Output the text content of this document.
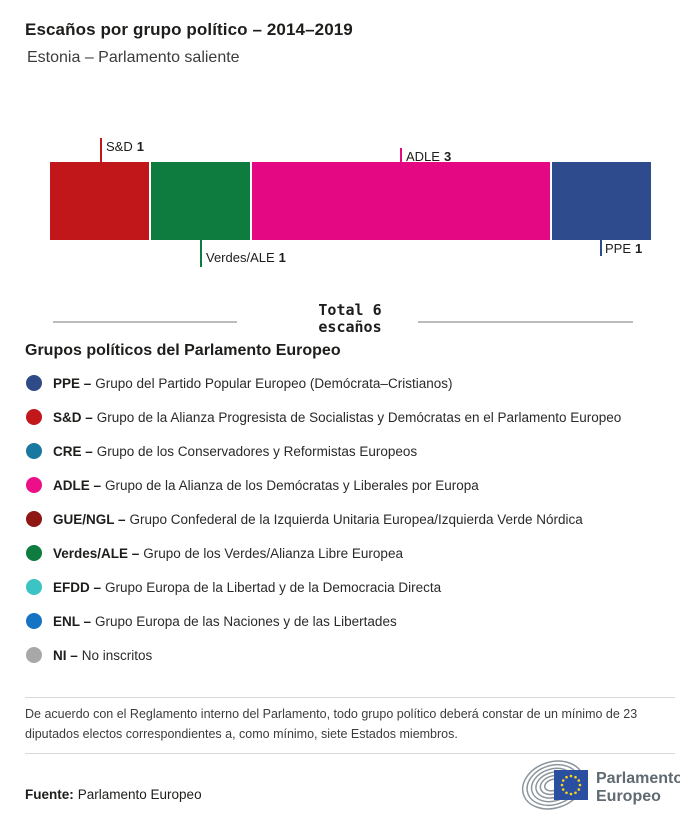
Escaños por grupo político – 2014–2019
Estonia – Parlamento saliente
S&D 1
ADLE 3
Verdes/ALE 1
PPE 1
Total 6 escaños
Grupos políticos del Parlamento Europeo
PPE – Grupo del Partido Popular Europeo (Demócrata–Cristianos)
S&D – Grupo de la Alianza Progresista de Socialistas y Demócratas en el Parlamento Europeo
CRE – Grupo de los Conservadores y Reformistas Europeos
ADLE – Grupo de la Alianza de los Demócratas y Liberales por Europa
GUE/NGL – Grupo Confederal de la Izquierda Unitaria Europea/Izquierda Verde Nórdica
Verdes/ALE – Grupo de los Verdes/Alianza Libre Europea
EFDD – Grupo Europa de la Libertad y de la Democracia Directa
ENL – Grupo Europa de las Naciones y de las Libertades
NI – No inscritos
De acuerdo con el Reglamento interno del Parlamento, todo grupo político deberá constar de un mínimo de 23 diputados electos correspondientes a, como mínimo, siete Estados miembros.
Fuente: Parlamento Europeo
Parlamento
Europeo
